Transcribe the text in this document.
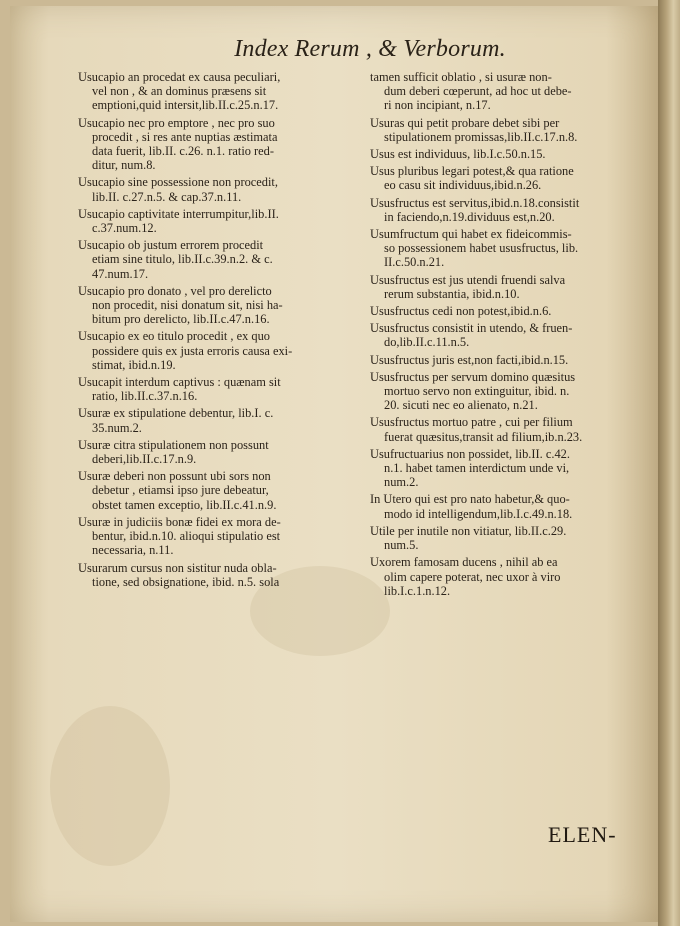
Index Rerum , & Verborum.
Usucapio an procedat ex causa peculiari,
vel non , & an dominus præsens sit
emptioni,quid intersit,lib.II.c.25.n.17.
Usucapio nec pro emptore , nec pro suo
procedit , si res ante nuptias æstimata
data fuerit, lib.II. c.26. n.1. ratio red-
ditur, num.8.
Usucapio sine possessione non procedit,
lib.II. c.27.n.5. & cap.37.n.11.
Usucapio captivitate interrumpitur,lib.II.
c.37.num.12.
Usucapio ob justum errorem procedit
etiam sine titulo, lib.II.c.39.n.2. & c.
47.num.17.
Usucapio pro donato , vel pro derelicto
non procedit, nisi donatum sit, nisi ha-
bitum pro derelicto, lib.II.c.47.n.16.
Usucapio ex eo titulo procedit , ex quo
possidere quis ex justa erroris causa exi-
stimat, ibid.n.19.
Usucapit interdum captivus : quænam sit
ratio, lib.II.c.37.n.16.
Usuræ ex stipulatione debentur, lib.I. c.
35.num.2.
Usuræ citra stipulationem non possunt
deberi,lib.II.c.17.n.9.
Usuræ deberi non possunt ubi sors non
debetur , etiamsi ipso jure debeatur,
obstet tamen exceptio, lib.II.c.41.n.9.
Usuræ in judiciis bonæ fidei ex mora de-
bentur, ibid.n.10. alioqui stipulatio est
necessaria, n.11.
Usurarum cursus non sistitur nuda obla-
tione, sed obsignatione, ibid. n.5. sola
tamen sufficit oblatio , si usuræ non-
dum deberi cœperunt, ad hoc ut debe-
ri non incipiant, n.17.
Usuras qui petit probare debet sibi per
stipulationem promissas,lib.II.c.17.n.8.
Usus est individuus, lib.I.c.50.n.15.
Usus pluribus legari potest,& qua ratione
eo casu sit individuus,ibid.n.26.
Ususfructus est servitus,ibid.n.18.consistit
in faciendo,n.19.dividuus est,n.20.
Usumfructum qui habet ex fideicommis-
so possessionem habet ususfructus, lib.
II.c.50.n.21.
Ususfructus est jus utendi fruendi salva
rerum substantia, ibid.n.10.
Ususfructus cedi non potest,ibid.n.6.
Ususfructus consistit in utendo, & fruen-
do,lib.II.c.11.n.5.
Ususfructus juris est,non facti,ibid.n.15.
Ususfructus per servum domino quæsitus
mortuo servo non extinguitur, ibid. n.
20. sicuti nec eo alienato, n.21.
Ususfructus mortuo patre , cui per filium
fuerat quæsitus,transit ad filium,ib.n.23.
Usufructuarius non possidet, lib.II. c.42.
n.1. habet tamen interdictum unde vi,
num.2.
In Utero qui est pro nato habetur,& quo-
modo id intelligendum,lib.I.c.49.n.18.
Utile per inutile non vitiatur, lib.II.c.29.
num.5.
Uxorem famosam ducens , nihil ab ea
olim capere poterat, nec uxor à viro
lib.I.c.1.n.12.
ELEN-
